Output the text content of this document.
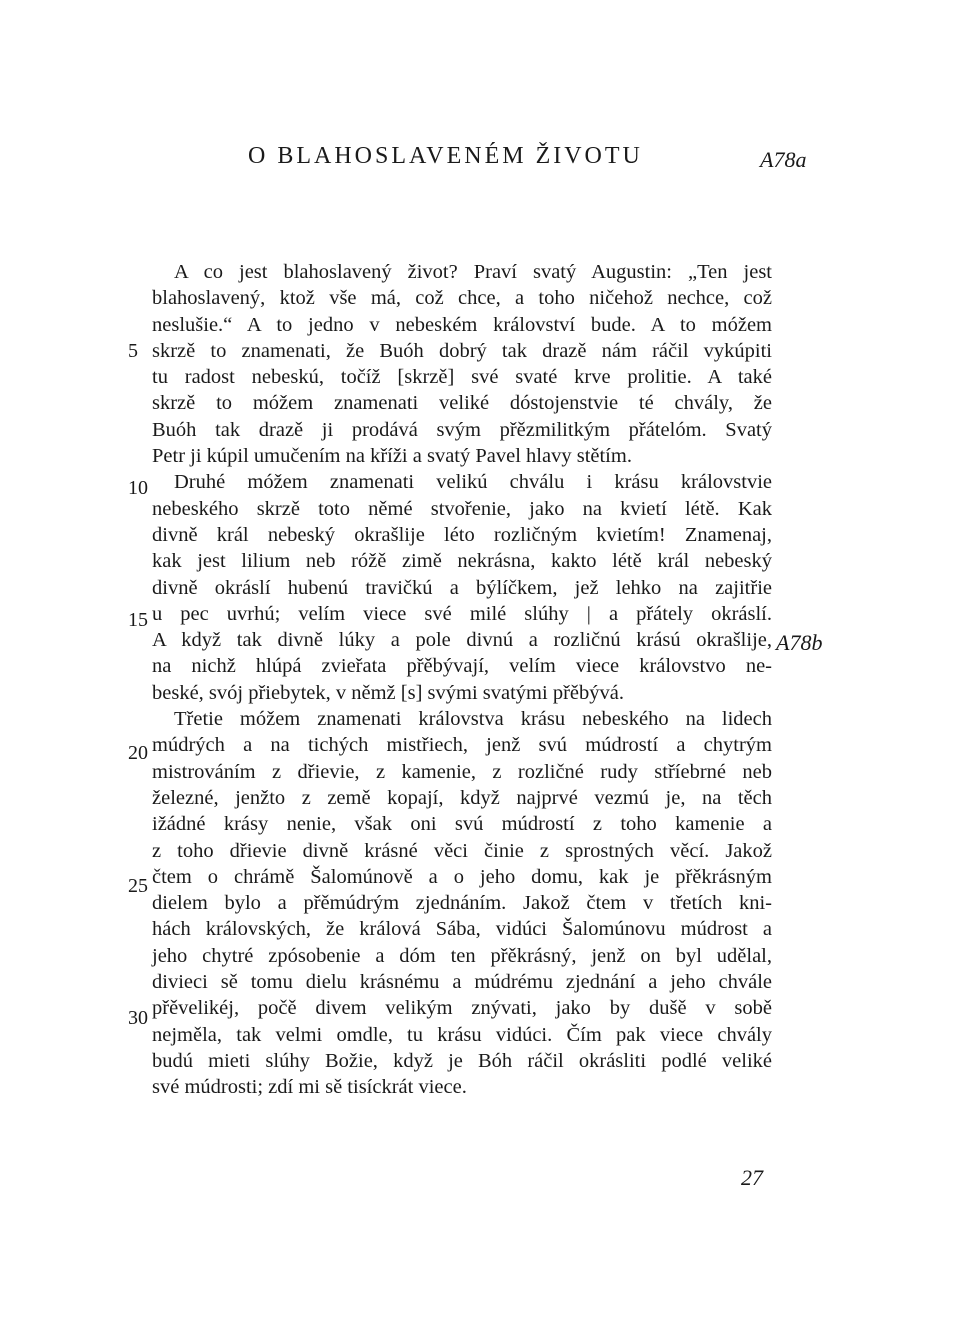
O BLAHOSLAVENÉM ŽIVOTU	A78a
A78b
5
10
15
20
25
30
A co jest blahoslavený život? Praví svatý Augustin: „Ten jest
blahoslavený, ktož vše má, což chce, a toho ničehož nechce, což
neslušie.“ A to jedno v nebeském království bude. A to móžem
skrzě to znamenati, že Buóh dobrý tak drazě nám ráčil vykúpiti
tu radost nebeskú, točíž [skrzě] své svaté krve prolitie. A také
skrzě to móžem znamenati veliké dóstojenstvie té chvály, že
Buóh tak drazě ji prodává svým přězmilitkým přátelóm. Svatý
Petr ji kúpil umučením na kříži a svatý Pavel hlavy stětím.
Druhé móžem znamenati velikú chválu i krásu královstvie
nebeského skrzě toto němé stvořenie, jako na kvietí létě. Kak
divně král nebeský okrašlije léto rozličným kvietím! Znamenaj,
kak jest lilium neb róžě zimě nekrásna, kakto létě král nebeský
divně okráslí hubenú travičkú a býlíčkem, jež lehko na zajitřie
u pec uvrhú; velím viece své milé slúhy | a přátely okráslí.
A když tak divně lúky a pole divnú a rozličnú krású okrašlije,
na nichž hlúpá zvieřata přěbývají, velím viece královstvo ne-
beské, svój přiebytek, v němž [s] svými svatými přěbývá.
Třetie móžem znamenati královstva krásu nebeského na lidech
múdrých a na tichých mistřiech, jenž svú múdrostí a chytrým
mistrováním z dřievie, z kamenie, z rozličné rudy stříebrné neb
železné, jenžto z země kopají, když najprvé vezmú je, na těch
ižádné krásy nenie, však oni svú múdrostí z toho kamenie a
z toho dřievie divně krásné věci činie z sprostných věcí. Jakož
čtem o chrámě Šalomúnově a o jeho domu, kak je přěkrásným
dielem bylo a přěmúdrým zjednáním. Jakož čtem v třetích kni-
hách královských, že králová Sába, vidúci Šalomúnovu múdrost a
jeho chytré zpósobenie a dóm ten přěkrásný, jenž on byl udělal,
divieci sě tomu dielu krásnému a múdrému zjednání a jeho chvále
přěvelikéj, počě divem velikým znývati, jako by dušě v sobě
nejměla, tak velmi omdle, tu krásu vidúci. Čím pak viece chvály
budú mieti slúhy Božie, když je Bóh ráčil okrásliti podlé veliké
své múdrosti; zdí mi sě tisíckrát viece.
27
